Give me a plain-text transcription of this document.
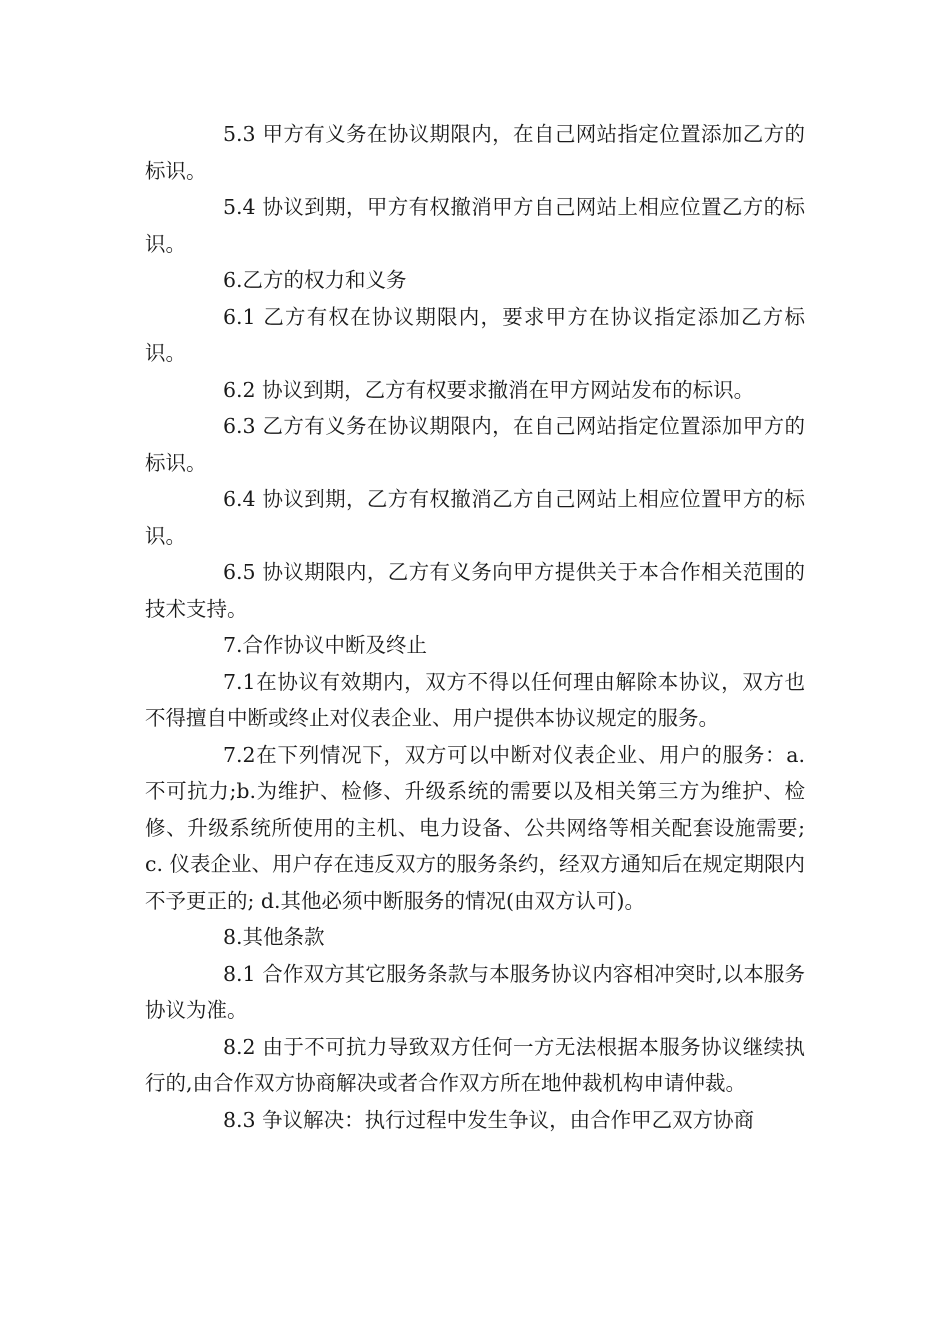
5.3 甲方有义务在协议期限内，在自己网站指定位置添加乙方的标识。

5.4 协议到期，甲方有权撤消甲方自己网站上相应位置乙方的标识。

6.乙方的权力和义务

6.1 乙方有权在协议期限内，要求甲方在协议指定添加乙方标识。

6.2 协议到期，乙方有权要求撤消在甲方网站发布的标识。

6.3 乙方有义务在协议期限内，在自己网站指定位置添加甲方的标识。

6.4 协议到期，乙方有权撤消乙方自己网站上相应位置甲方的标识。

6.5 协议期限内，乙方有义务向甲方提供关于本合作相关范围的技术支持。

7.合作协议中断及终止

7.1在协议有效期内，双方不得以任何理由解除本协议，双方也不得擅自中断或终止对仪表企业、用户提供本协议规定的服务。

7.2在下列情况下，双方可以中断对仪表企业、用户的服务：a.不可抗力;b.为维护、检修、升级系统的需要以及相关第三方为维护、检修、升级系统所使用的主机、电力设备、公共网络等相关配套设施需要;c. 仪表企业、用户存在违反双方的服务条约，经双方通知后在规定期限内不予更正的; d.其他必须中断服务的情况(由双方认可)。

8.其他条款

8.1 合作双方其它服务条款与本服务协议内容相冲突时,以本服务协议为准。

8.2 由于不可抗力导致双方任何一方无法根据本服务协议继续执行的,由合作双方协商解决或者合作双方所在地仲裁机构申请仲裁。

8.3 争议解决：执行过程中发生争议，由合作甲乙双方协商
